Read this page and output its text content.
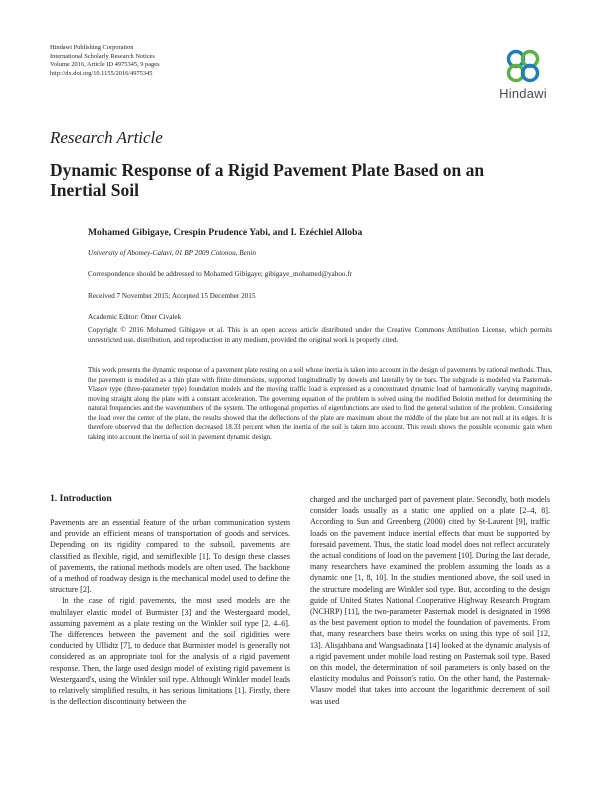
Hindawi Publishing Corporation
International Scholarly Research Notices
Volume 2016, Article ID 4975345, 9 pages
http://dx.doi.org/10.1155/2016/4975345
Hindawi
Research Article
Dynamic Response of a Rigid Pavement Plate Based on an Inertial Soil
Mohamed Gibigaye, Crespin Prudence Yabi, and I. Ezéchiel Alloba
University of Abomey-Calavi, 01 BP 2009 Cotonou, Benin
Correspondence should be addressed to Mohamed Gibigaye; gibigaye_mohamed@yahoo.fr
Received 7 November 2015; Accepted 15 December 2015
Academic Editor: Ömer Civalek
Copyright © 2016 Mohamed Gibigaye et al. This is an open access article distributed under the Creative Commons Attribution License, which permits unrestricted use, distribution, and reproduction in any medium, provided the original work is properly cited.
This work presents the dynamic response of a pavement plate resting on a soil whose inertia is taken into account in the design of pavements by rational methods. Thus, the pavement is modeled as a thin plate with finite dimensions, supported longitudinally by dowels and laterally by tie bars. The subgrade is modeled via Pasternak-Vlasov type (three-parameter type) foundation models and the moving traffic load is expressed as a concentrated dynamic load of harmonically varying magnitude, moving straight along the plate with a constant acceleration. The governing equation of the problem is solved using the modified Bolotin method for determining the natural frequencies and the wavenumbers of the system. The orthogonal properties of eigenfunctions are used to find the general solution of the problem. Considering the load over the center of the plate, the results showed that the deflections of the plate are maximum about the middle of the plate but are not null at its edges. It is therefore observed that the deflection decreased 18.33 percent when the inertia of the soil is taken into account. This result shows the possible economic gain when taking into account the inertia of soil in pavement dynamic design.
1. Introduction

Pavements are an essential feature of the urban communication system and provide an efficient means of transportation of goods and services. Depending on its rigidity compared to the subsoil, pavements are classified as flexible, rigid, and semiflexible [1]. To design these classes of pavements, the rational methods models are often used. The backbone of a method of roadway design is the mechanical model used to define the structure [2].

In the case of rigid pavements, the most used models are the multilayer elastic model of Burmister [3] and the Westergaard model, assuming pavement as a plate resting on the Winkler soil type [2, 4–6]. The differences between the pavement and the soil rigidities were conducted by Ullidtz [7], to deduce that Burmister model is generally not considered as an appropriate tool for the analysis of a rigid pavement response. Then, the large used design model of existing rigid pavement is Westergaard's, using the Winkler soil type. Although Winkler model leads to relatively simplified results, it has serious limitations [1]. Firstly, there is the deflection discontinuity between the

charged and the uncharged part of pavement plate. Secondly, both models consider loads usually as a static one applied on a plate [2–4, 8]. According to Sun and Greenberg (2000) cited by St-Laurent [9], traffic loads on the pavement induce inertial effects that must be supported by foresaid pavement. Thus, the static load model does not reflect accurately the actual conditions of load on the pavement [10]. During the last decade, many researchers have examined the problem assuming the loads as a dynamic one [1, 8, 10]. In the studies mentioned above, the soil used in the structure modeling are Winkler soil type. But, according to the design guide of United States National Cooperative Highway Research Program (NCHRP) [11], the two-parameter Pasternak model is designated in 1998 as the best pavement option to model the foundation of pavements. From that, many researchers base theirs works on using this type of soil [12, 13]. Alisjahbana and Wangsadinata [14] looked at the dynamic analysis of a rigid pavement under mobile load resting on Pasternak soil type. Based on this model, the determination of soil parameters is only based on the elasticity modulus and Poisson's ratio. On the other hand, the Pasternak-Vlasov model that takes into account the logarithmic decrement of soil was used
